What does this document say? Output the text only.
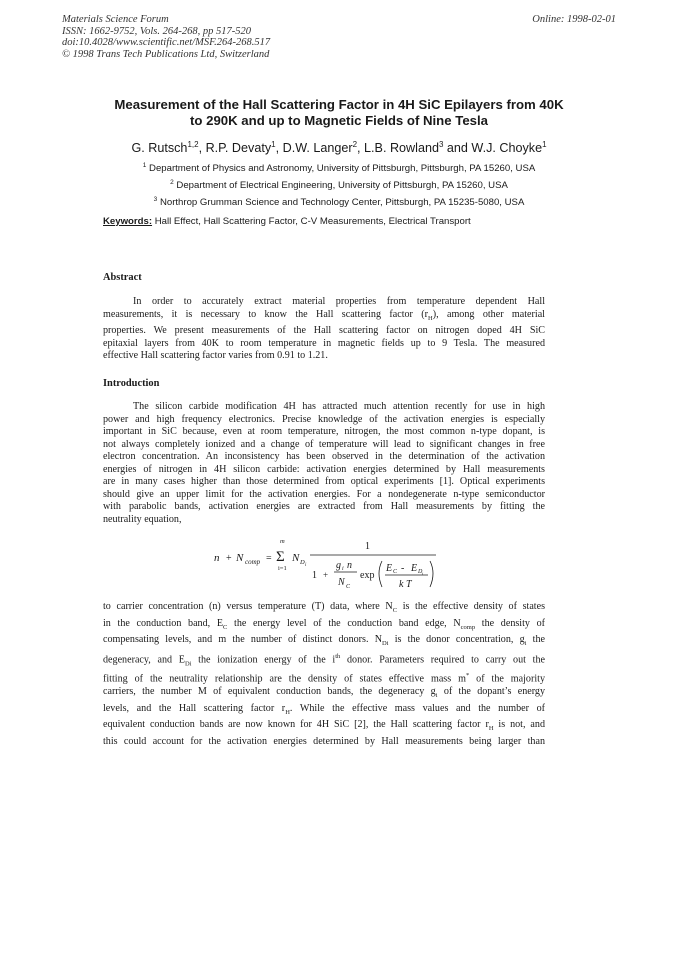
Materials Science Forum
ISSN: 1662-9752, Vols. 264-268, pp 517-520
doi:10.4028/www.scientific.net/MSF.264-268.517
© 1998 Trans Tech Publications Ltd, Switzerland
Online: 1998-02-01
Measurement of the Hall Scattering Factor in 4H SiC Epilayers from 40K
to 290K and up to Magnetic Fields of Nine Tesla
G. Rutsch$^{1,2}$, R.P. Devaty$^1$, D.W. Langer$^2$, L.B. Rowland$^3$ and W.J. Choyke$^1$
$^1$ Department of Physics and Astronomy, University of Pittsburgh, Pittsburgh, PA 15260, USA
$^2$ Department of Electrical Engineering, University of Pittsburgh, PA 15260, USA
$^3$ Northrop Grumman Science and Technology Center, Pittsburgh, PA 15235-5080, USA
Keywords: Hall Effect, Hall Scattering Factor, C-V Measurements, Electrical Transport
Abstract
In order to accurately extract material properties from temperature dependent Hall
measurements, it is necessary to know the Hall scattering factor $(r_H)$, among other material
properties. We present measurements of the Hall scattering factor on nitrogen doped 4H SiC
epitaxial layers from 40K to room temperature in magnetic fields up to 9 Tesla. The measured
effective Hall scattering factor varies from 0.91 to 1.21.
Introduction
The silicon carbide modification 4H has attracted much attention recently for use in high
power and high frequency electronics. Precise knowledge of the activation energies is especially
important in SiC because, even at room temperature, nitrogen, the most common n-type dopant, is
not always completely ionized and a change of temperature will lead to significant changes in free
electron concentration. An inconsistency has been observed in the determination of the activation
energies of nitrogen in 4H silicon carbide: activation energies determined by Hall measurements
are in many cases higher than those determined from optical experiments [1]. Optical experiments
should give an upper limit for the activation energies. For a nondegenerate n-type semiconductor
with parabolic bands, activation energies are extracted from Hall measurements by fitting the
neutrality equation,
n + N comp =
m
Σ
i=1
N D i
1
1 +
g i n
N C
exp
E C - E D i
k T
to carrier concentration (n) versus temperature (T) data, where $N_C$ is the effective density of states
in the conduction band, $E_C$ the energy level of the conduction band edge, $N_{comp}$ the density of
compensating levels, and m the number of distinct donors. $N_{Di}$ is the donor concentration, $g_i$ the
degeneracy, and $E_{Di}$ the ionization energy of the $i^{th}$ donor. Parameters required to carry out the
fitting of the neutrality relationship are the density of states effective mass m* of the majority
carriers, the number M of equivalent conduction bands, the degeneracy $g_i$ of the dopant’s energy
levels, and the Hall scattering factor $r_H$. While the effective mass values and the number of
equivalent conduction bands are now known for 4H SiC [2], the Hall scattering factor $r_H$ is not, and
this could account for the activation energies determined by Hall measurements being larger than
